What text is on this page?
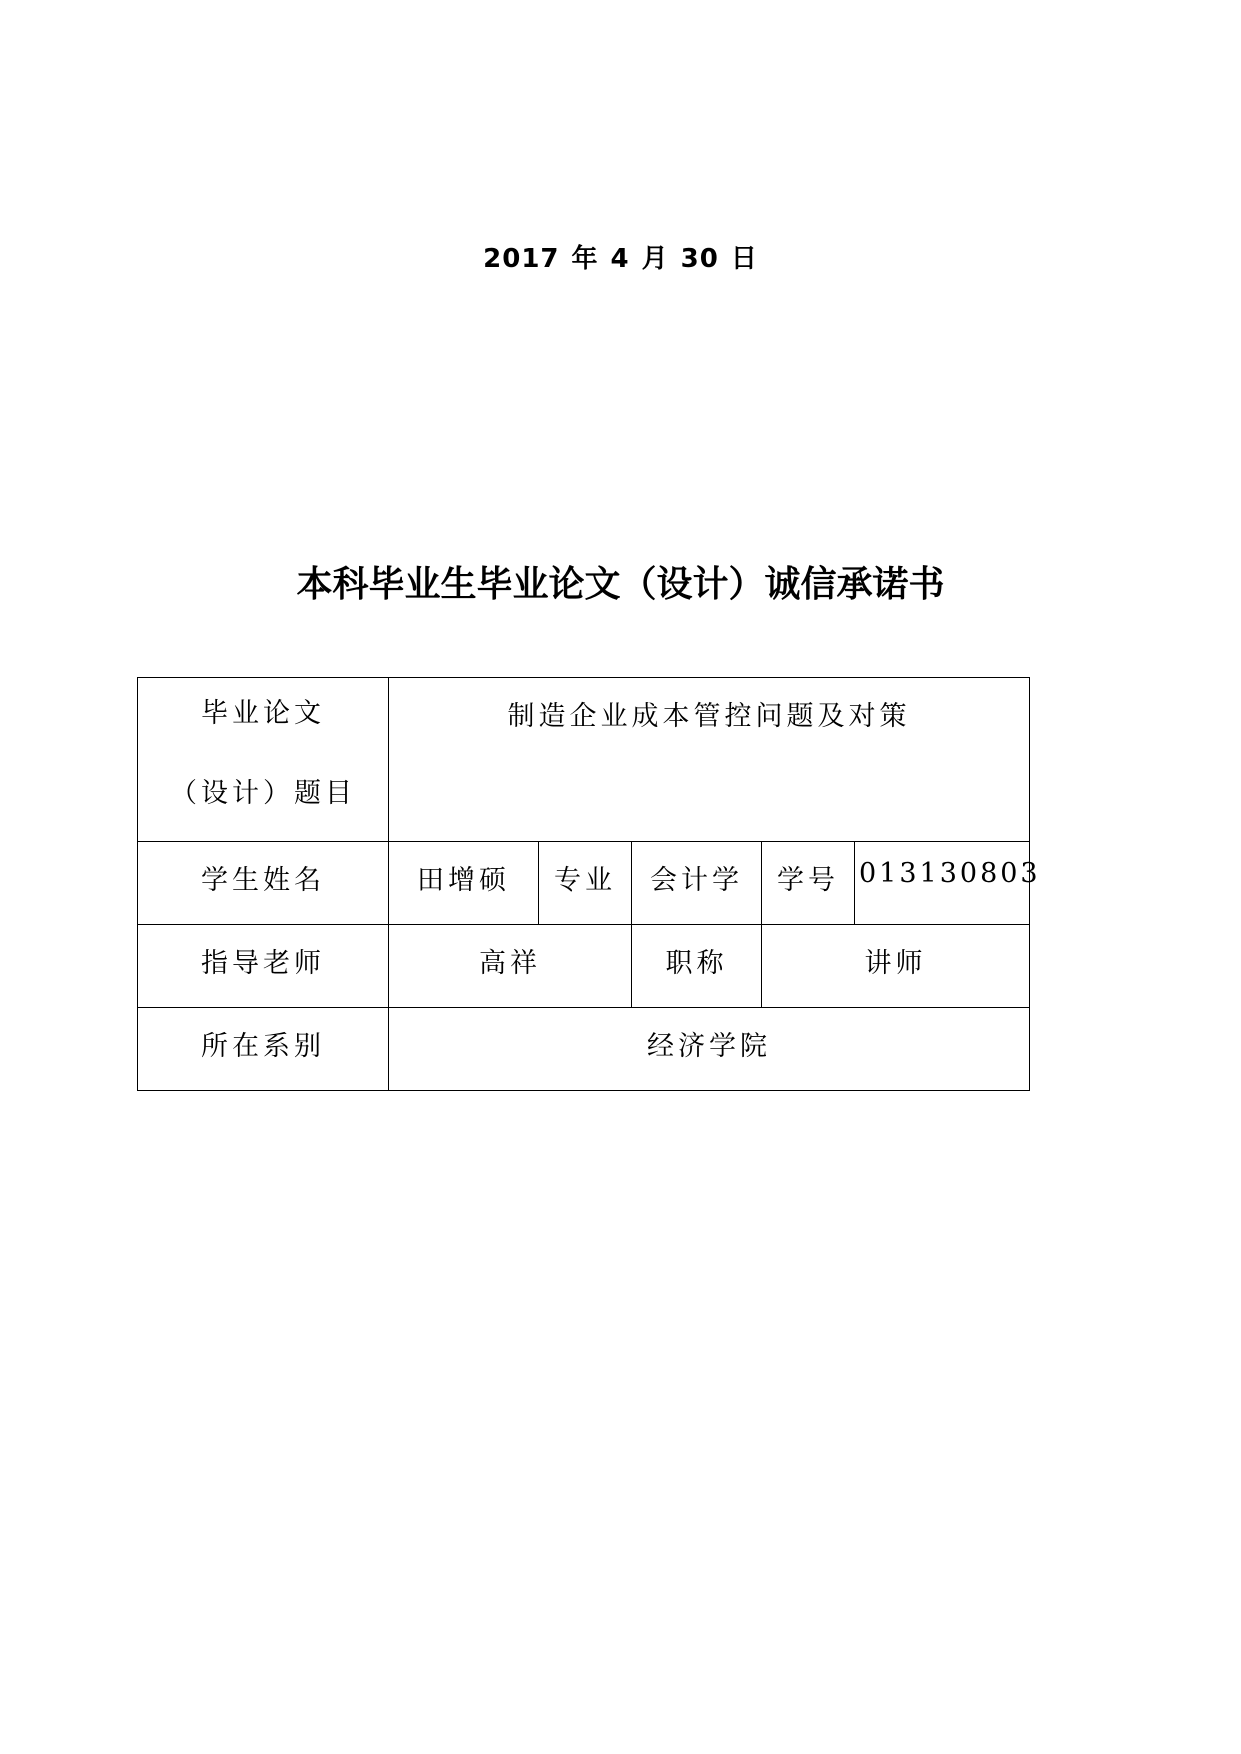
2017 年 4 月 30 日
本科毕业生毕业论文（设计）诚信承诺书
毕业论文
（设计）题目	制造企业成本管控问题及对策				
学生姓名	田增硕	专业	会计学	学号	013130803
指导老师	高祥		职称	讲师	
所在系别	经济学院				
